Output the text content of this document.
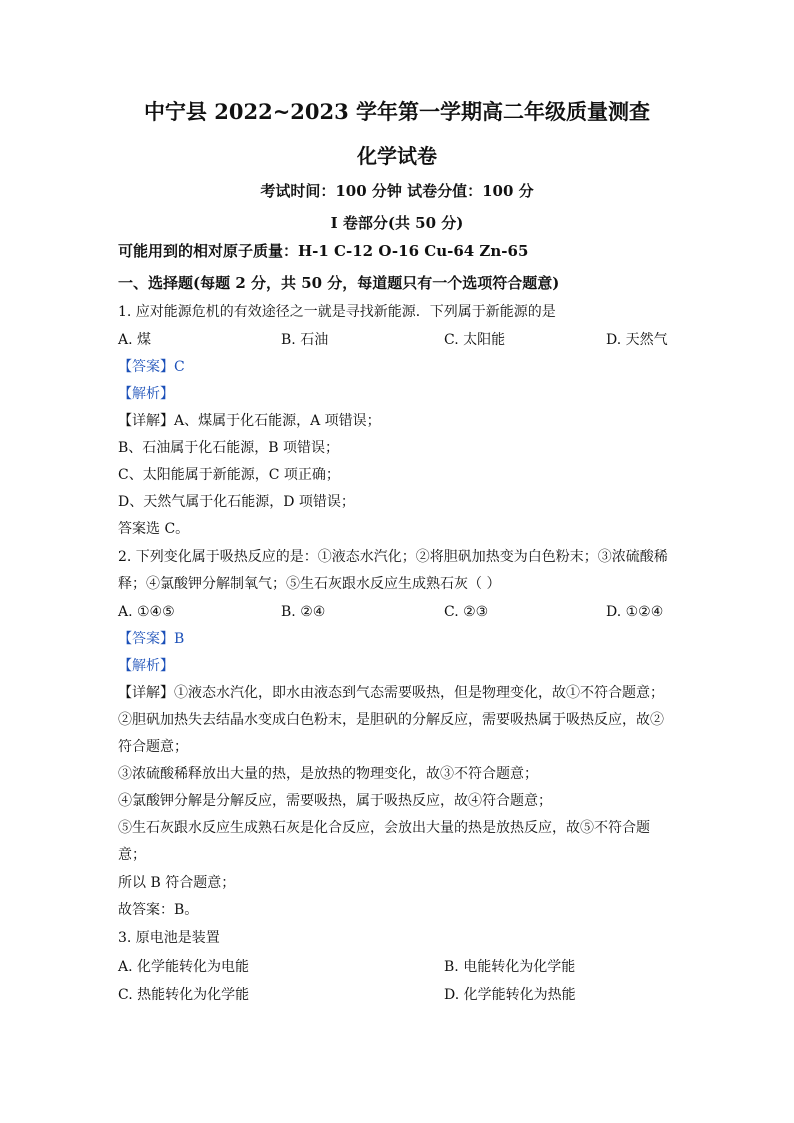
中宁县 2022~2023 学年第一学期高二年级质量测查
化学试卷
考试时间：100 分钟 试卷分值：100 分
I 卷部分(共 50 分)
可能用到的相对原子质量：H-1 C-12 O-16 Cu-64 Zn-65
一、选择题(每题 2 分，共 50 分，每道题只有一个选项符合题意)
1. 应对能源危机的有效途径之一就是寻找新能源．下列属于新能源的是
A. 煤	B. 石油	C. 太阳能	D. 天然气
【答案】C
【解析】
【详解】A、煤属于化石能源，A 项错误；
B、石油属于化石能源，B 项错误；
C、太阳能属于新能源，C 项正确；
D、天然气属于化石能源，D 项错误；
答案选 C。
2. 下列变化属于吸热反应的是：①液态水汽化；②将胆矾加热变为白色粉末；③浓硫酸稀
释；④氯酸钾分解制氧气；⑤生石灰跟水反应生成熟石灰（ ）
A. ①④⑤	B. ②④	C. ②③	D. ①②④
【答案】B
【解析】
【详解】①液态水汽化，即水由液态到气态需要吸热，但是物理变化，故①不符合题意；
②胆矾加热失去结晶水变成白色粉末，是胆矾的分解反应，需要吸热属于吸热反应，故②
符合题意；
③浓硫酸稀释放出大量的热，是放热的物理变化，故③不符合题意；
④氯酸钾分解是分解反应，需要吸热，属于吸热反应，故④符合题意；
⑤生石灰跟水反应生成熟石灰是化合反应，会放出大量的热是放热反应，故⑤不符合题
意；
所以 B 符合题意；
故答案：B。
3. 原电池是装置
A. 化学能转化为电能	B. 电能转化为化学能
C. 热能转化为化学能	D. 化学能转化为热能
